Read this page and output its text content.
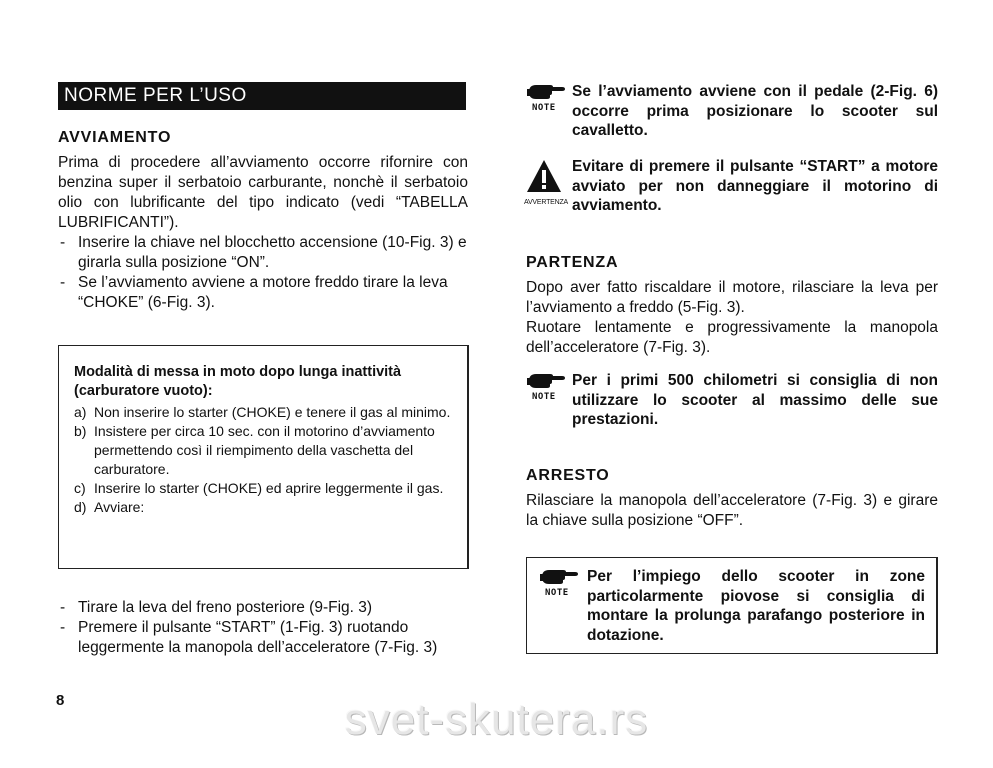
NORME PER L’USO
AVVIAMENTO

Prima di procedere all’avviamento occorre rifornire con benzina super il serbatoio carburante, nonchè il serbatoio olio con lubrificante del tipo indicato (vedi “TABELLA LUBRIFICANTI”).

- Inserire la chiave nel blocchetto accensione (10-Fig. 3) e girarla sulla posizione “ON”.
- Se l’avviamento avviene a motore freddo tirare la leva “CHOKE” (6-Fig. 3).

Modalità di messa in moto dopo lunga inattività (carburatore vuoto):

a) Non inserire lo starter (CHOKE) e tenere il gas al minimo.
b) Insistere per circa 10 sec. con il motorino d’avviamento permettendo così il riempimento della vaschetta del carburatore.
c) Inserire lo starter (CHOKE) ed aprire leggermente il gas.
d) Avviare:
- Tirare la leva del freno posteriore (9-Fig. 3)
- Premere il pulsante “START” (1-Fig. 3) ruotando leggermente la manopola dell’acceleratore (7-Fig. 3)
NOTE
Se l’avviamento avviene con il pedale (2-Fig. 6) occorre prima posizionare lo scooter sul cavalletto.
AVVERTENZA
Evitare di premere il pulsante “START” a motore avviato per non danneggiare il motorino di avviamento.
PARTENZA

Dopo aver fatto riscaldare il motore, rilasciare la leva per l’avviamento a freddo (5-Fig. 3).

Ruotare lentamente e progressivamente la manopola dell’acceleratore (7-Fig. 3).

NOTE
Per i primi 500 chilometri si consiglia di non utilizzare lo scooter al massimo delle sue prestazioni.
ARRESTO

Rilasciare la manopola dell’acceleratore (7-Fig. 3) e girare la chiave sulla posizione “OFF”.

NOTE
Per l’impiego dello scooter in zone particolarmente piovose si consiglia di montare la prolunga parafango posteriore in dotazione.
8	svet-skutera.rs
